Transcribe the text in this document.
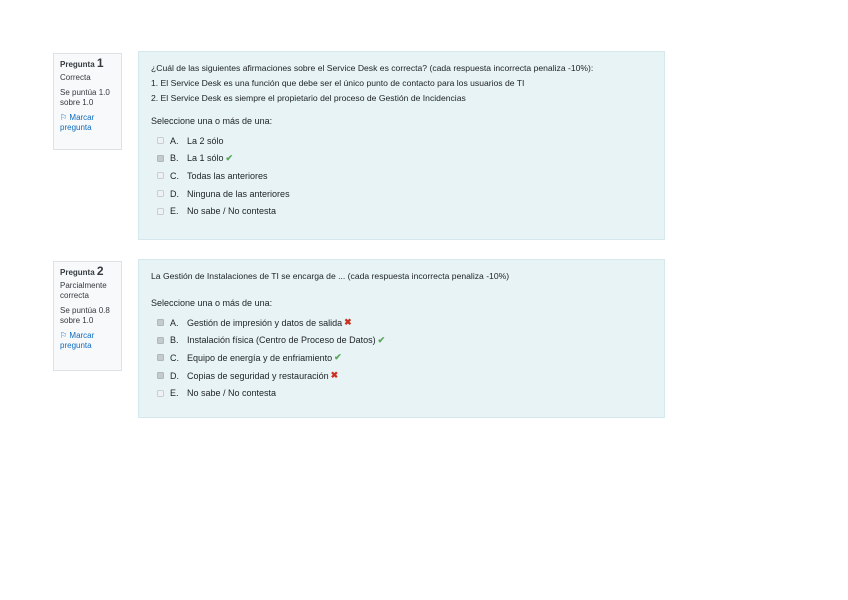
Pregunta 1
Correcta
Se puntúa 1.0 sobre 1.0
⚐ Marcar pregunta

¿Cuál de las siguientes afirmaciones sobre el Service Desk es correcta? (cada respuesta incorrecta penaliza -10%):

1. El Service Desk es una función que debe ser el único punto de contacto para los usuarios de TI

2. El Service Desk es siempre el propietario del proceso de Gestión de Incidencias

Seleccione una o más de una:
A. La 2 sólo
B. La 1 sólo ✔
C. Todas las anteriores
D. Ninguna de las anteriores
E. No sabe / No contesta
Pregunta 2
Parcialmente correcta
Se puntúa 0.8 sobre 1.0
⚐ Marcar pregunta

La Gestión de Instalaciones de TI se encarga de ... (cada respuesta incorrecta penaliza -10%)

Seleccione una o más de una:
A. Gestión de impresión y datos de salida ✖
B. Instalación física (Centro de Proceso de Datos) ✔
C. Equipo de energía y de enfriamiento ✔
D. Copias de seguridad y restauración ✖
E. No sabe / No contesta
